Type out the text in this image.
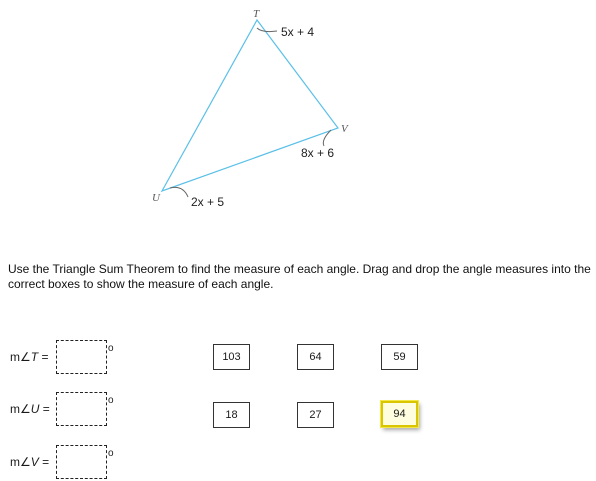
T
V
U
5x + 4
8x + 6
2x + 5
Use the Triangle Sum Theorem to find the measure of each angle. Drag and drop the angle measures into the correct boxes to show the measure of each angle.
m∠T =
o
m∠U =
o
m∠V =
o
103	64	59
18	27	94
